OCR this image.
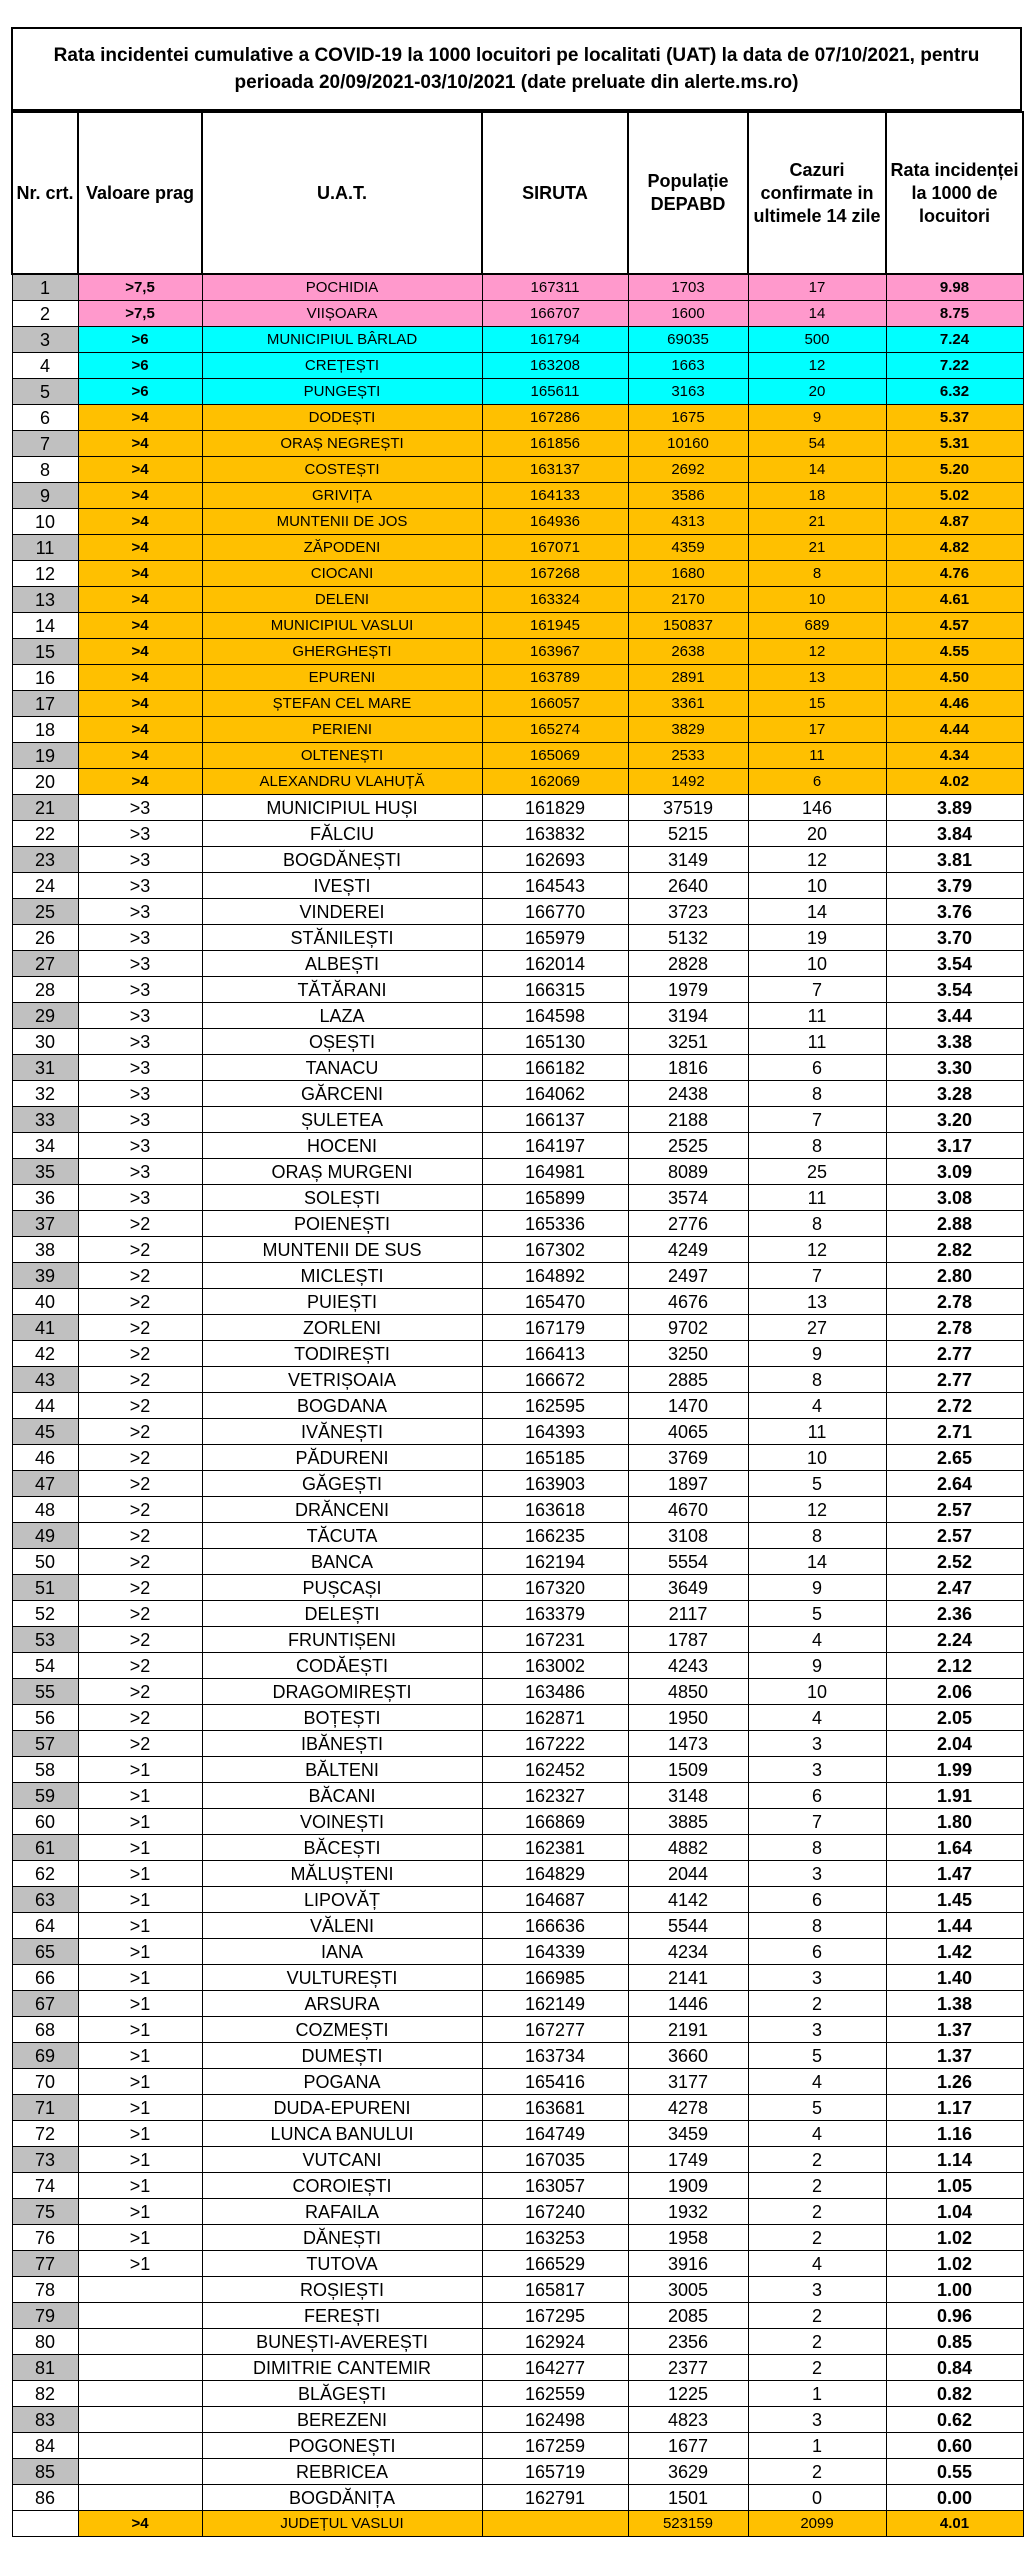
Rata incidentei cumulative a COVID-19 la 1000 locuitori pe localitati (UAT) la data de 07/10/2021, pentru perioada 20/09/2021-03/10/2021 (date preluate din alerte.ms.ro)
Nr. crt.	Valoare prag	U.A.T.	SIRUTA	Populație DEPABD	Cazuri confirmate in ultimele 14 zile	Rata incidenței la 1000 de locuitori
1	>7,5	POCHIDIA	167311	1703	17	9.98
2	>7,5	VIIȘOARA	166707	1600	14	8.75
3	>6	MUNICIPIUL BÂRLAD	161794	69035	500	7.24
4	>6	CREȚEȘTI	163208	1663	12	7.22
5	>6	PUNGEȘTI	165611	3163	20	6.32
6	>4	DODEȘTI	167286	1675	9	5.37
7	>4	ORAȘ NEGREȘTI	161856	10160	54	5.31
8	>4	COSTEȘTI	163137	2692	14	5.20
9	>4	GRIVIȚA	164133	3586	18	5.02
10	>4	MUNTENII DE JOS	164936	4313	21	4.87
11	>4	ZĂPODENI	167071	4359	21	4.82
12	>4	CIOCANI	167268	1680	8	4.76
13	>4	DELENI	163324	2170	10	4.61
14	>4	MUNICIPIUL VASLUI	161945	150837	689	4.57
15	>4	GHERGHEȘTI	163967	2638	12	4.55
16	>4	EPURENI	163789	2891	13	4.50
17	>4	ȘTEFAN CEL MARE	166057	3361	15	4.46
18	>4	PERIENI	165274	3829	17	4.44
19	>4	OLTENEȘTI	165069	2533	11	4.34
20	>4	ALEXANDRU VLAHUȚĂ	162069	1492	6	4.02
21	>3	MUNICIPIUL HUȘI	161829	37519	146	3.89
22	>3	FĂLCIU	163832	5215	20	3.84
23	>3	BOGDĂNEȘTI	162693	3149	12	3.81
24	>3	IVEȘTI	164543	2640	10	3.79
25	>3	VINDEREI	166770	3723	14	3.76
26	>3	STĂNILEȘTI	165979	5132	19	3.70
27	>3	ALBEȘTI	162014	2828	10	3.54
28	>3	TĂTĂRANI	166315	1979	7	3.54
29	>3	LAZA	164598	3194	11	3.44
30	>3	OȘEȘTI	165130	3251	11	3.38
31	>3	TANACU	166182	1816	6	3.30
32	>3	GĂRCENI	164062	2438	8	3.28
33	>3	ȘULETEA	166137	2188	7	3.20
34	>3	HOCENI	164197	2525	8	3.17
35	>3	ORAȘ MURGENI	164981	8089	25	3.09
36	>3	SOLEȘTI	165899	3574	11	3.08
37	>2	POIENEȘTI	165336	2776	8	2.88
38	>2	MUNTENII DE SUS	167302	4249	12	2.82
39	>2	MICLEȘTI	164892	2497	7	2.80
40	>2	PUIEȘTI	165470	4676	13	2.78
41	>2	ZORLENI	167179	9702	27	2.78
42	>2	TODIREȘTI	166413	3250	9	2.77
43	>2	VETRIȘOAIA	166672	2885	8	2.77
44	>2	BOGDANA	162595	1470	4	2.72
45	>2	IVĂNEȘTI	164393	4065	11	2.71
46	>2	PĂDURENI	165185	3769	10	2.65
47	>2	GĂGEȘTI	163903	1897	5	2.64
48	>2	DRĂNCENI	163618	4670	12	2.57
49	>2	TĂCUTA	166235	3108	8	2.57
50	>2	BANCA	162194	5554	14	2.52
51	>2	PUȘCAȘI	167320	3649	9	2.47
52	>2	DELEȘTI	163379	2117	5	2.36
53	>2	FRUNTIȘENI	167231	1787	4	2.24
54	>2	CODĂEȘTI	163002	4243	9	2.12
55	>2	DRAGOMIREȘTI	163486	4850	10	2.06
56	>2	BOȚEȘTI	162871	1950	4	2.05
57	>2	IBĂNEȘTI	167222	1473	3	2.04
58	>1	BĂLTENI	162452	1509	3	1.99
59	>1	BĂCANI	162327	3148	6	1.91
60	>1	VOINEȘTI	166869	3885	7	1.80
61	>1	BĂCEȘTI	162381	4882	8	1.64
62	>1	MĂLUȘTENI	164829	2044	3	1.47
63	>1	LIPOVĂȚ	164687	4142	6	1.45
64	>1	VĂLENI	166636	5544	8	1.44
65	>1	IANA	164339	4234	6	1.42
66	>1	VULTUREȘTI	166985	2141	3	1.40
67	>1	ARSURA	162149	1446	2	1.38
68	>1	COZMEȘTI	167277	2191	3	1.37
69	>1	DUMEȘTI	163734	3660	5	1.37
70	>1	POGANA	165416	3177	4	1.26
71	>1	DUDA-EPURENI	163681	4278	5	1.17
72	>1	LUNCA BANULUI	164749	3459	4	1.16
73	>1	VUTCANI	167035	1749	2	1.14
74	>1	COROIEȘTI	163057	1909	2	1.05
75	>1	RAFAILA	167240	1932	2	1.04
76	>1	DĂNEȘTI	163253	1958	2	1.02
77	>1	TUTOVA	166529	3916	4	1.02
78		ROȘIEȘTI	165817	3005	3	1.00
79		FEREȘTI	167295	2085	2	0.96
80		BUNEȘTI-AVEREȘTI	162924	2356	2	0.85
81		DIMITRIE CANTEMIR	164277	2377	2	0.84
82		BLĂGEȘTI	162559	1225	1	0.82
83		BEREZENI	162498	4823	3	0.62
84		POGONEȘTI	167259	1677	1	0.60
85		REBRICEA	165719	3629	2	0.55
86		BOGDĂNIȚA	162791	1501	0	0.00
	>4	JUDEȚUL VASLUI		523159	2099	4.01
